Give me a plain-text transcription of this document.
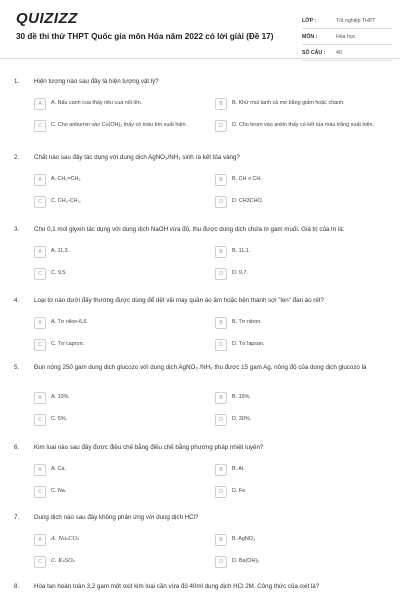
QUIZIZZ
30 đề thi thử THPT Quốc gia môn Hóa năm 2022 có lời giải (Đề 17)
LỚP :	Tốt nghiệp THPT
MÔN :	Hóa học
SỐ CÂU :	40
1. Hiện tượng nào sau đây là hiện tượng vật lý?
A	A. Nấu canh cua thấy riêu cua nổi lên.	B	B. Khử mùi tanh cá mè bằng giấm hoặc chanh.
C	C. Cho anbumin vào Cu(OH)₂ thấy có màu tím xuất hiện.	D	D. Cho brom vào anilin thấy có kết tủa màu trắng xuất hiện.
2. Chất nào sau đây tác dụng với dung dịch AgNO₃/NH₃ sinh ra kết tủa vàng?
A	A. CH₂=CH₂.	B	B. CH ≡ CH.
C	C. CH₃-CH₃.	D	D. CH3CHO.
3. Cho 0,1 mol glyxin tác dụng với dung dịch NaOH vừa đủ, thu được dung dịch chứa m gam muối. Giá trị của m là:
A	A. 11,3.	B	B. 11,1.
C	C. 9,5.	D	D. 9,7.
4. Loại tơ nào dưới đây thường được dùng để dệt vải may quần áo ấm hoặc bện thành sợi "len" đan áo rét?
A	A. Tơ nilon-6,6.	B	B. Tơ nitron.
C	C. Tơ capron.	D	D. Tơ lapsan.
5. Đun nóng 250 gam dung dịch glucozo với dung dịch AgNO₃ /NH₃ thu được 15 gam Ag, nồng độ của dung dịch glucozo là
A	A. 10%.	B	B. 15%.
C	C. 5%.	D	D. 30%.
6. Kim loại nào sau đây được điều chế bằng điều chế bằng phương pháp nhiệt luyện?
A	A. Ca.	B	B. Al.
C	C. Na.	D	D. Fe.
7. Dung dịch nào sau đây không phản ứng với dung dịch HCl?
A	A. Na₂CO₃	B	B. AgNO₃
C	C. K₂SO₄	D	D. Ba(OH)₂
8. Hòa tan hoàn toàn 3,2 gam một oxit kim loại cần vừa đủ 40ml dung dịch HCl 2M. Công thức của oxit là?
